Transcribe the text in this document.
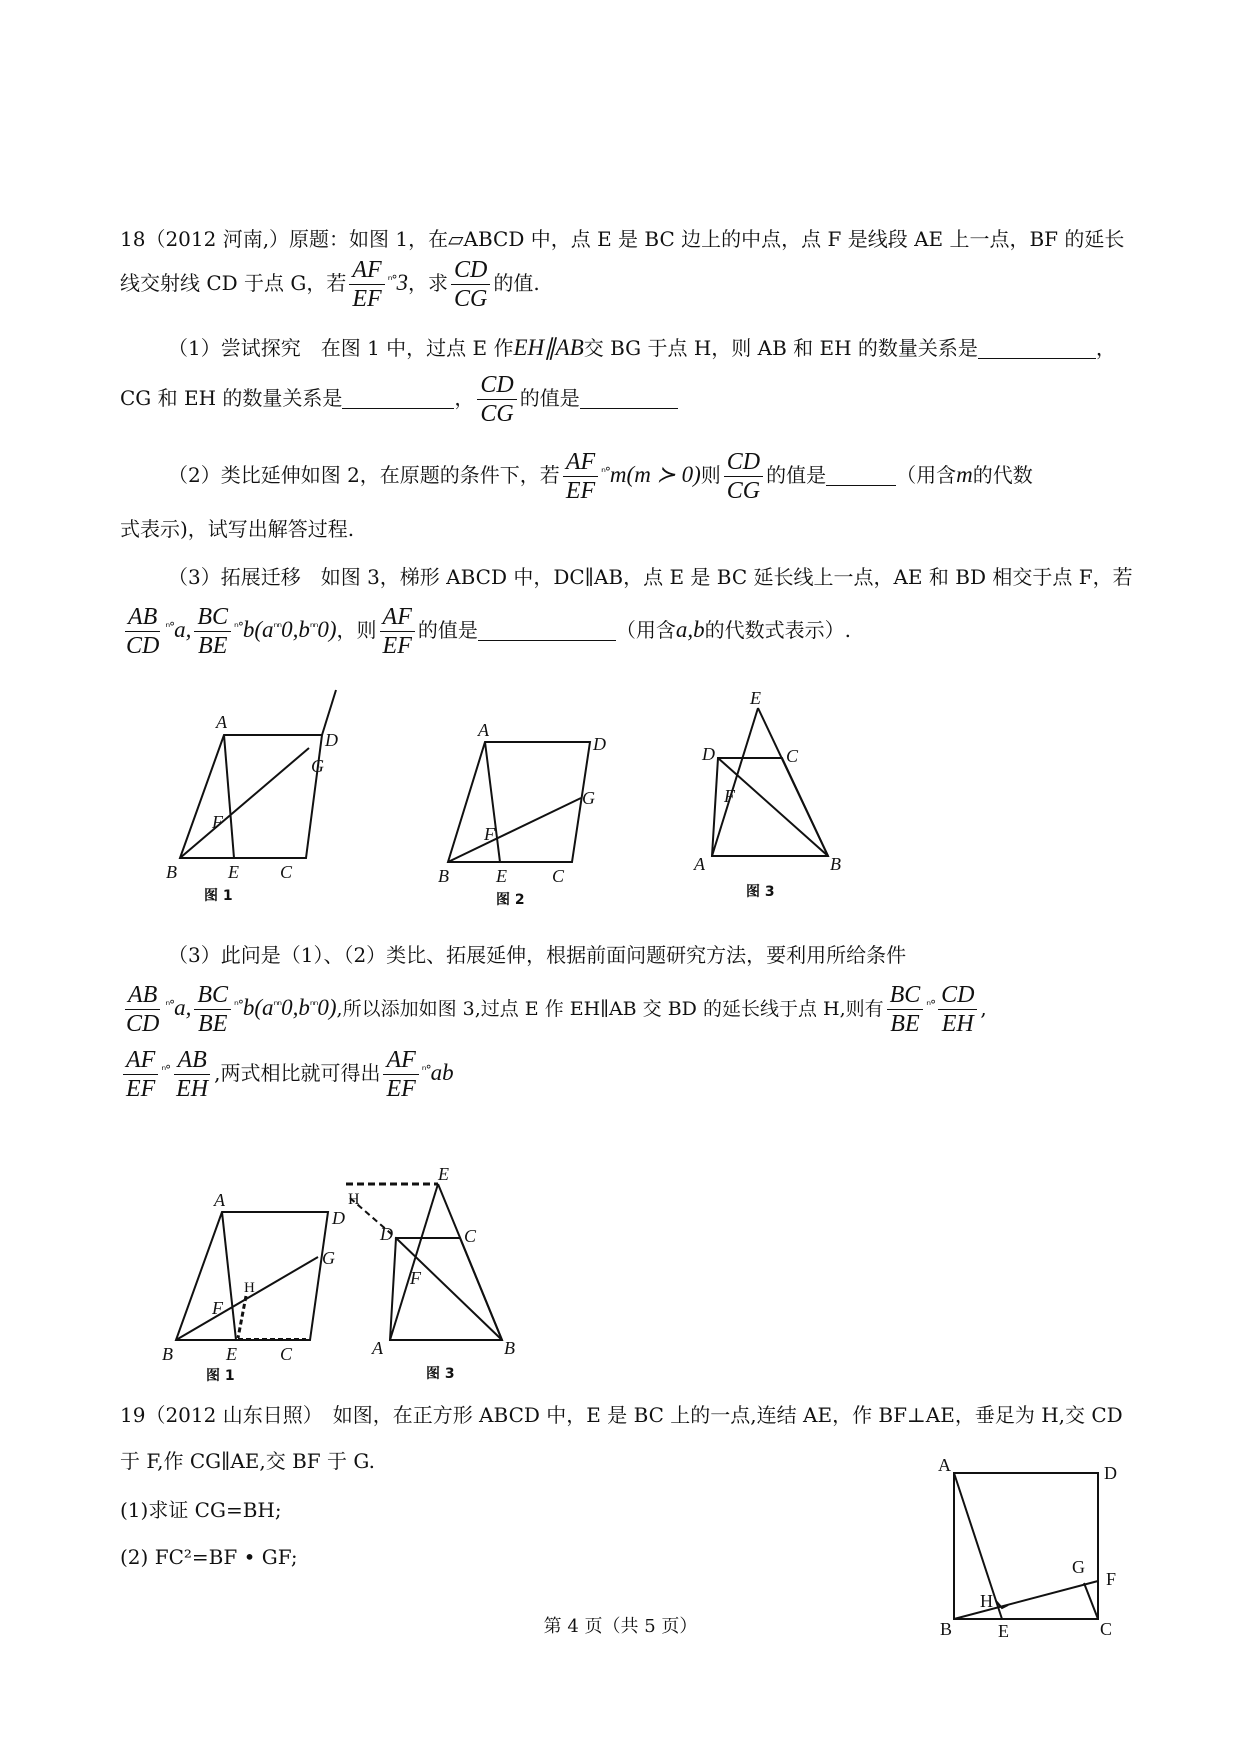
18（2012 河南,）原题：如图 1，在▱ABCD 中，点 E 是 BC 边上的中点，点 F 是线段 AE 上一点，BF 的延长
线交射线 CD 于点 G，若 $\frac{AF}{EF} ^{^n^\circ}3$，求 $\frac{CD}{CG}$ 的值.
（1）尝试探究　在图 1 中，过点 E 作EH∥AB交 BG 于点 H，则 AB 和 EH 的数量关系是	，
CG 和 EH 的数量关系是	， $\frac{CD}{CG}$ 的值是
（2）类比延伸如图 2，在原题的条件下，若 $\frac{AF}{EF} ^{^n^\circ}m(m$ ≻ 0)则 $\frac{CD}{CG}$ 的值是	（用含m的代数
式表示)，试写出解答过程.
（3）拓展迁移　如图 3，梯形 ABCD 中，DC∥AB，点 E 是 BC 延长线上一点，AE 和 BD 相交于点 F，若
$\frac{AB}{CD} ^{^n^\circ}a$, $\frac{BC}{BE} ^{^n^\circ}b(a^{^{nn}}0,b^{^{nn}}0)$，则 $\frac{AF}{EF}$ 的值是	（用含a,b的代数式表示）.
A
D
G
F
B	E C
图 1
A
D
G
F
B	E	C
图 2
E
D	C
F
A	B
图 3
（3）此问是（1）、（2）类比、拓展延伸，根据前面问题研究方法，要利用所给条件
$\frac{AB}{CD} ^{^n^\circ}a$, $\frac{BC}{BE} ^{^n^\circ}b(a^{^{nn}}0,b^{^{nn}}0)$,所以添加如图 3,过点 E 作 EH∥AB 交 BD 的延长线于点 H,则有 $\frac{BC}{BE} ^{^n^\circ} \frac{CD}{EH}$ ,
$\frac{AF}{EF} ^{^n^\circ} \frac{AB}{EH}$ ,两式相比就可得出 $\frac{AF}{EF} ^{^n^\circ}ab$
A
D
G
H
F
B	E C
图 1
E
H
D	C
F
A	B
图 3
19（2012 山东日照）　如图，在正方形 ABCD 中，E 是 BC 上的一点,连结 AE，作 BF⊥AE，垂足为 H,交 CD
于 F,作 CG∥AE,交 BF 于 G.
(1)求证 CG=BH;
(2) FC²=BF • GF;
A	D
G
F
H
B	E	C
第 4 页（共 5 页）
